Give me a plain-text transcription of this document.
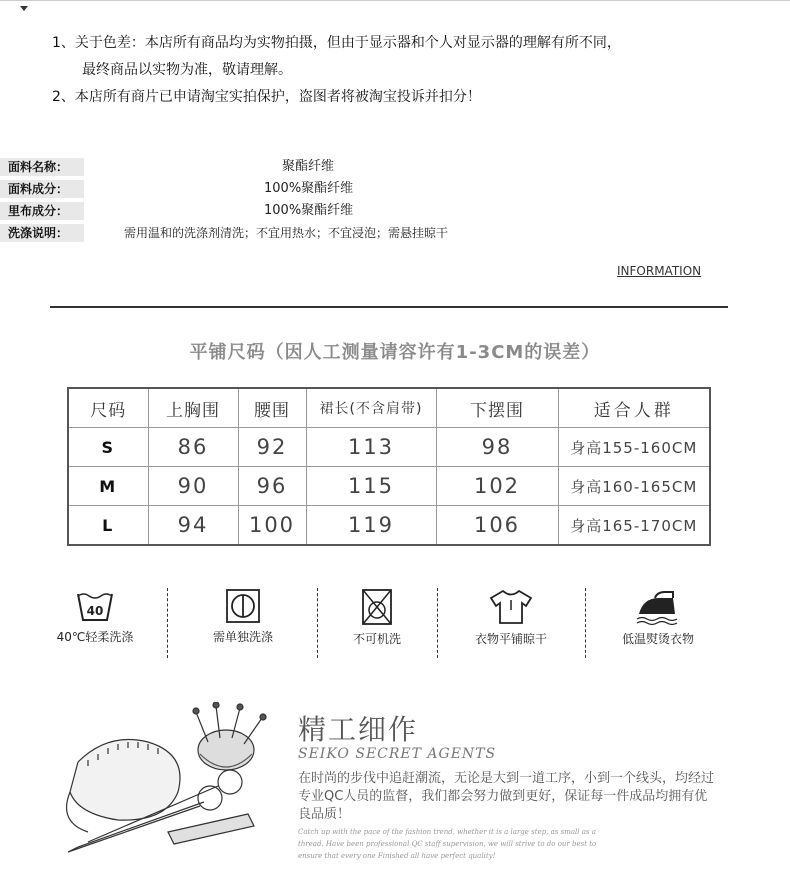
1、关于色差：本店所有商品均为实物拍摄，但由于显示器和个人对显示器的理解有所不同，
最终商品以实物为准，敬请理解。
2、本店所有商片已申请淘宝实拍保护，盗图者将被淘宝投诉并扣分！
面料名称：	聚酯纤维
面料成分：	100%聚酯纤维
里布成分：	100%聚酯纤维
洗涤说明：	需用温和的洗涤剂清洗；不宜用热水；不宜浸泡；需悬挂晾干
INFORMATION
平铺尺码（因人工测量请容许有1-3CM的误差）
尺码	上胸围	腰围	裙长(不含肩带)	下摆围	适合人群
S	86	92	113	98	身高155-160CM
M	90	96	115	102	身高160-165CM
L	94	100	119	106	身高165-170CM
40
40℃轻柔洗涤	需单独洗涤	不可机洗	衣物平铺晾干	低温熨烫衣物
精工细作
SEIKO SECRET AGENTS
在时尚的步伐中追赶潮流，无论是大到一道工序，小到一个线头，均经过专业QC人员的监督，我们都会努力做到更好，保证每一件成品均拥有优良品质！
Catch up with the pace of the fashion trend, whether it is a large step, as small as a thread, Have been professional QC staff supervision, we will strive to do our best to ensure that every one Finished all have perfect quality!
